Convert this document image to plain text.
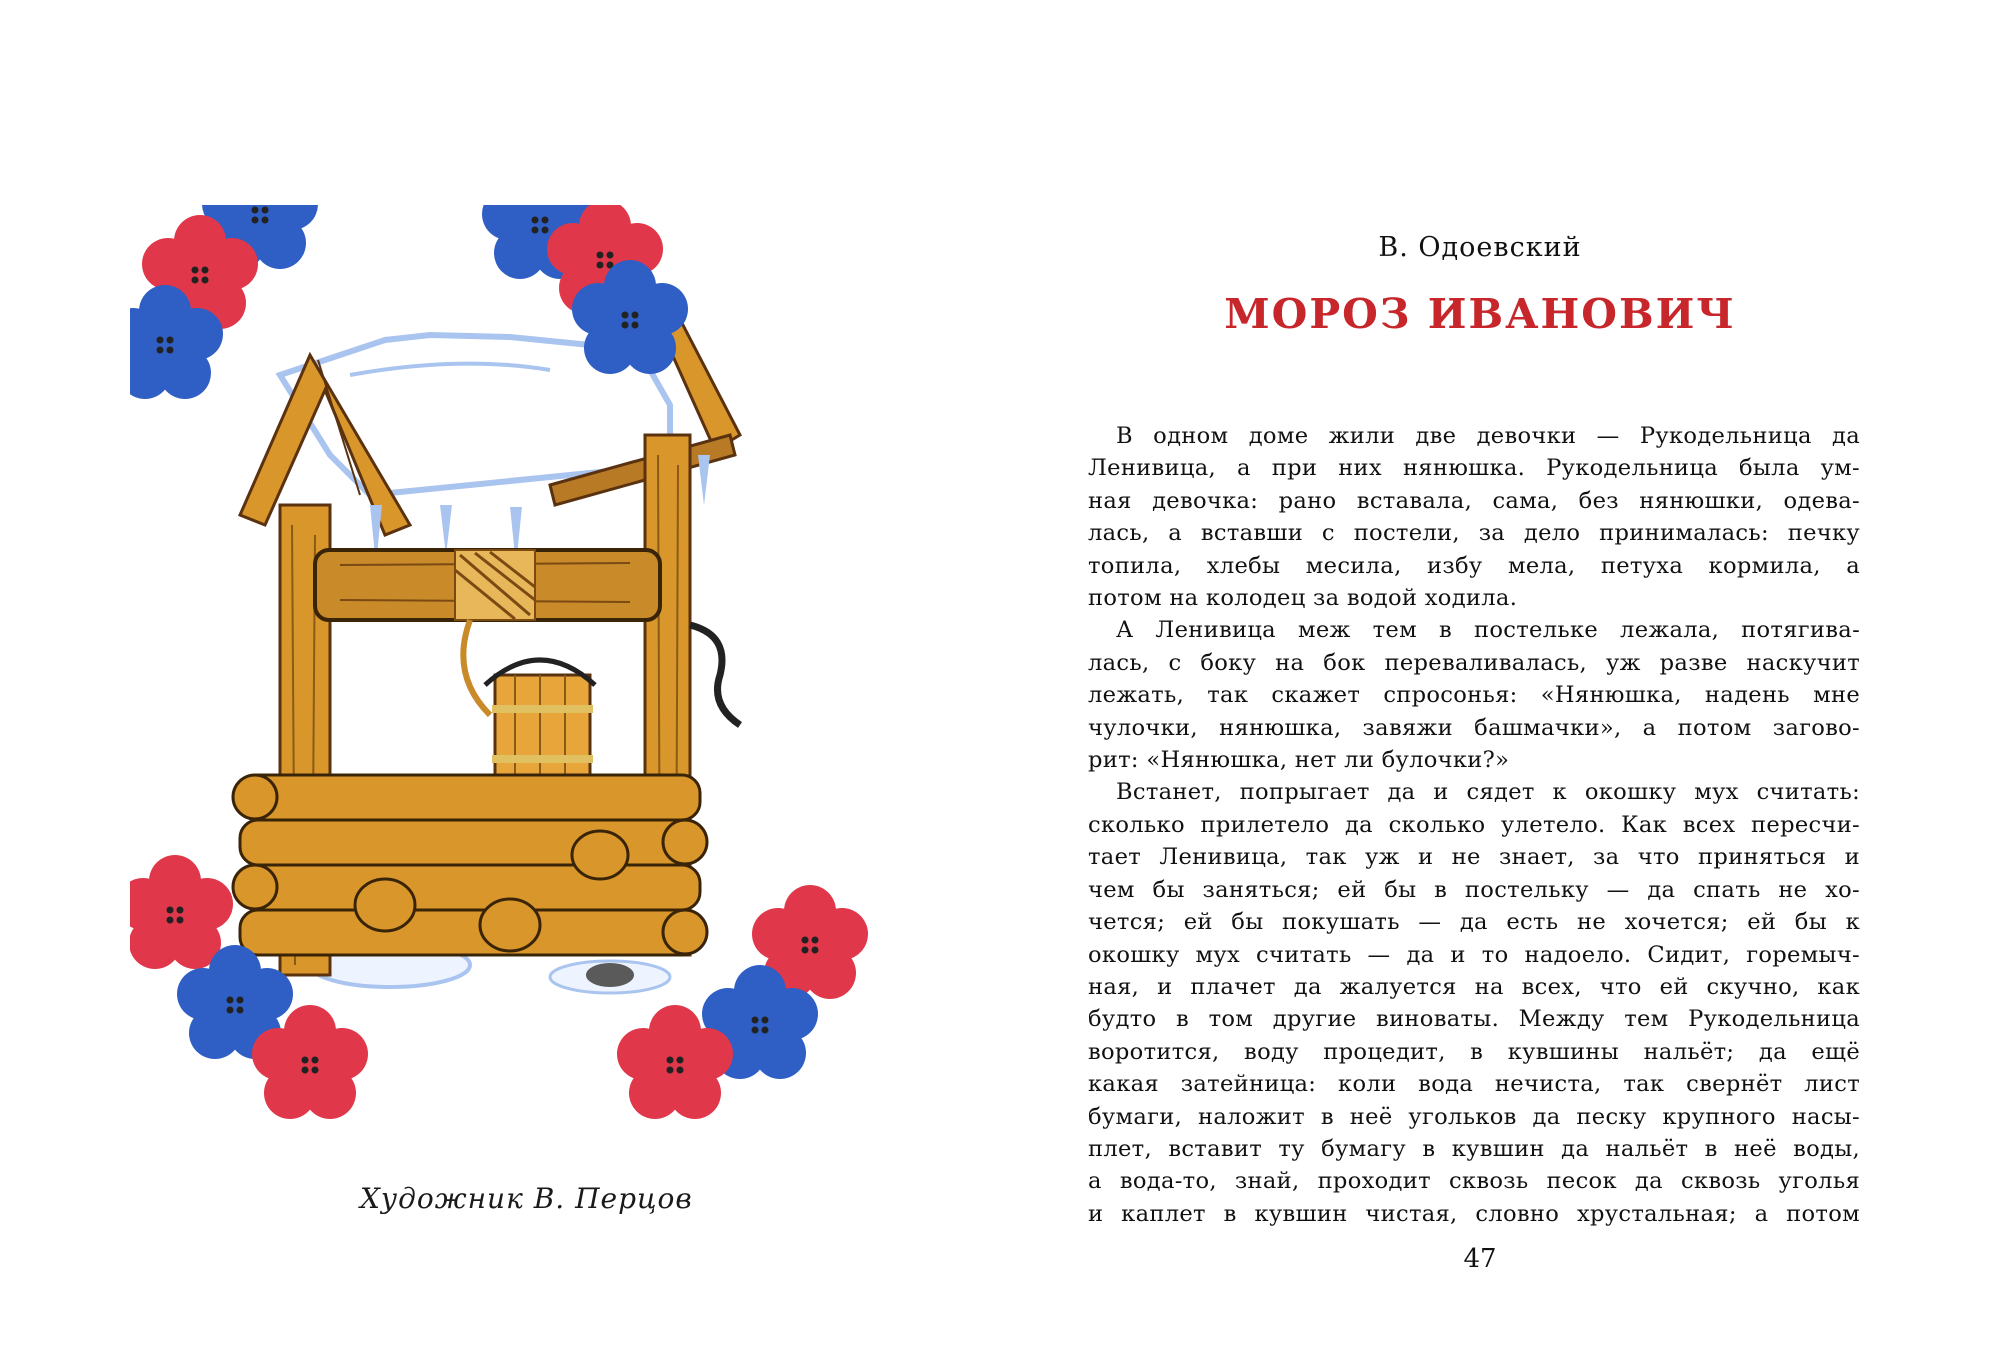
Художник В. Перцов
В. Одоевский
МОРОЗ ИВАНОВИЧ

В одном доме жили две девочки — Рукодельница да
Ленивица, а при них нянюшка. Рукодельница была ум-
ная девочка: рано вставала, сама, без нянюшки, одева-
лась, а вставши с постели, за дело принималась: печку
топила, хлебы месила, избу мела, петуха кормила, а
потом на колодец за водой ходила.

А Ленивица меж тем в постельке лежала, потягива-
лась, с боку на бок переваливалась, уж разве наскучит
лежать, так скажет спросонья: «Нянюшка, надень мне
чулочки, нянюшка, завяжи башмачки», а потом загово-
рит: «Нянюшка, нет ли булочки?»

Встанет, попрыгает да и сядет к окошку мух считать:
сколько прилетело да сколько улетело. Как всех пересчи-
тает Ленивица, так уж и не знает, за что приняться и
чем бы заняться; ей бы в постельку — да спать не хо-
чется; ей бы покушать — да есть не хочется; ей бы к
окошку мух считать — да и то надоело. Сидит, горемыч-
ная, и плачет да жалуется на всех, что ей скучно, как
будто в том другие виноваты. Между тем Рукодельница
воротится, воду процедит, в кувшины нальёт; да ещё
какая затейница: коли вода нечиста, так свернёт лист
бумаги, наложит в неё угольков да песку крупного насы-
плет, вставит ту бумагу в кувшин да нальёт в неё воды,
а вода-то, знай, проходит сквозь песок да сквозь уголья
и каплет в кувшин чистая, словно хрустальная; а потом

47
